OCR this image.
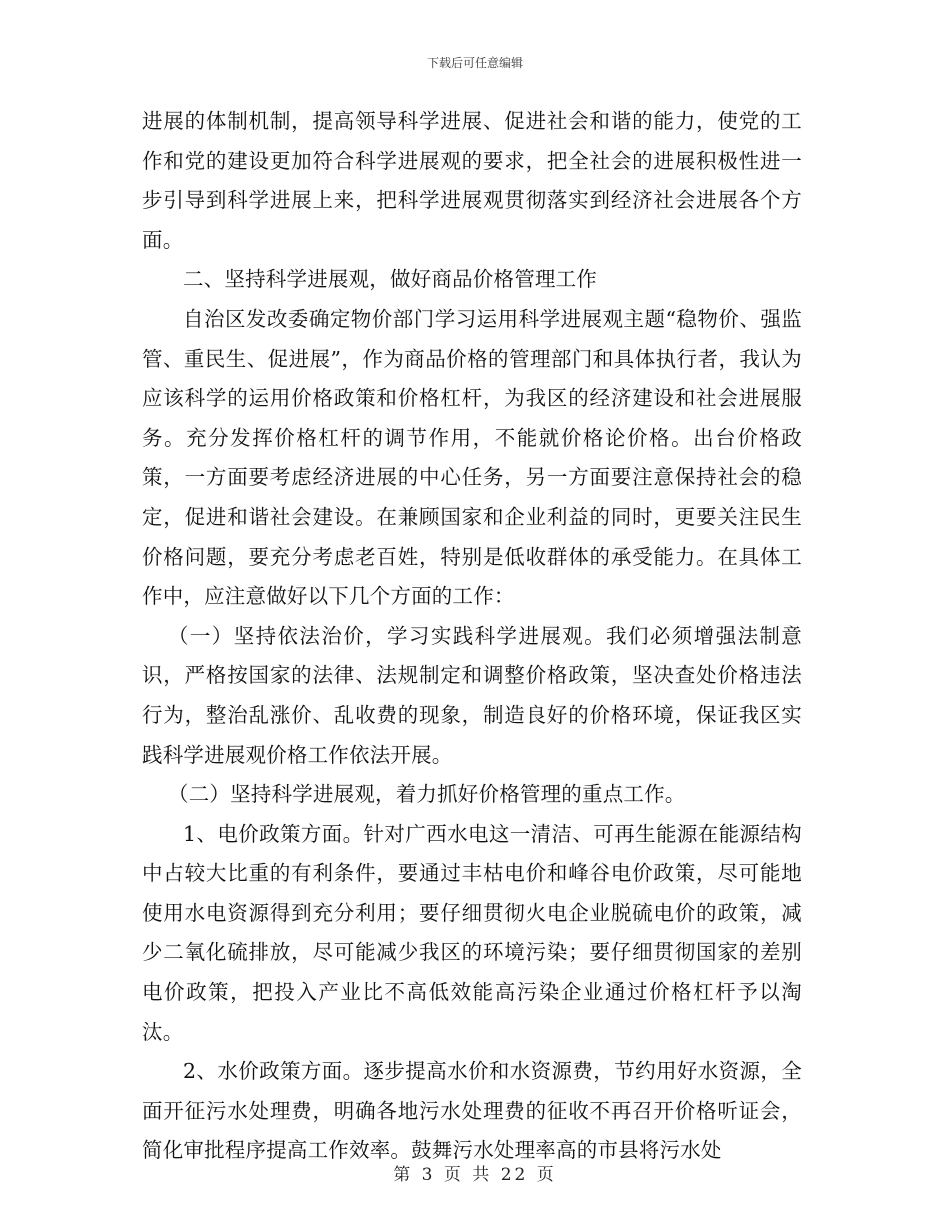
下载后可任意编辑

进展的体制机制，提高领导科学进展、促进社会和谐的能力，使党的工作和党的建设更加符合科学进展观的要求，把全社会的进展积极性进一步引导到科学进展上来，把科学进展观贯彻落实到经济社会进展各个方面。

二、坚持科学进展观，做好商品价格管理工作

自治区发改委确定物价部门学习运用科学进展观主题“稳物价、强监管、重民生、促进展”，作为商品价格的管理部门和具体执行者，我认为应该科学的运用价格政策和价格杠杆，为我区的经济建设和社会进展服务。充分发挥价格杠杆的调节作用，不能就价格论价格。出台价格政策，一方面要考虑经济进展的中心任务，另一方面要注意保持社会的稳定，促进和谐社会建设。在兼顾国家和企业利益的同时，更要关注民生价格问题，要充分考虑老百姓，特别是低收群体的承受能力。在具体工作中，应注意做好以下几个方面的工作：

（一）坚持依法治价，学习实践科学进展观。我们必须增强法制意识，严格按国家的法律、法规制定和调整价格政策，坚决查处价格违法行为，整治乱涨价、乱收费的现象，制造良好的价格环境，保证我区实践科学进展观价格工作依法开展。

（二）坚持科学进展观，着力抓好价格管理的重点工作。

1、电价政策方面。针对广西水电这一清洁、可再生能源在能源结构中占较大比重的有利条件，要通过丰枯电价和峰谷电价政策，尽可能地使用水电资源得到充分利用；要仔细贯彻火电企业脱硫电价的政策，减少二氧化硫排放，尽可能减少我区的环境污染；要仔细贯彻国家的差别电价政策，把投入产业比不高低效能高污染企业通过价格杠杆予以淘汰。

2、水价政策方面。逐步提高水价和水资源费，节约用好水资源，全面开征污水处理费，明确各地污水处理费的征收不再召开价格听证会，简化审批程序提高工作效率。鼓舞污水处理率高的市县将污水处

第 3 页 共 22 页
